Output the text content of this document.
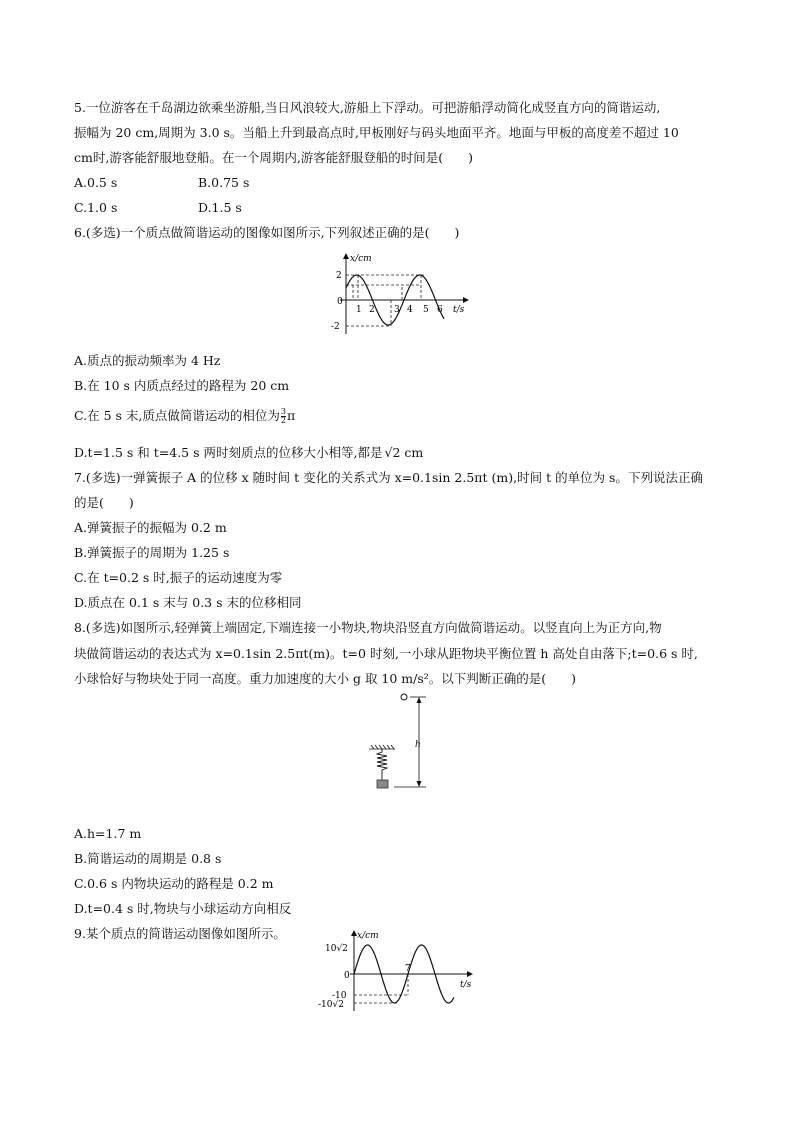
5.一位游客在千岛湖边欲乘坐游船,当日风浪较大,游船上下浮动。可把游船浮动简化成竖直方向的简谐运动,
振幅为 20 cm,周期为 3.0 s。当船上升到最高点时,甲板刚好与码头地面平齐。地面与甲板的高度差不超过 10
cm时,游客能舒服地登船。在一个周期内,游客能舒服登船的时间是(　　)
A.0.5 s	B.0.75 s
C.1.0 s	D.1.5 s
6.(多选)一个质点做简谐运动的图像如图所示,下列叙述正确的是(　　)
x/cm
t/s
2
0
-2
1 2 3 4 5 6
A.质点的振动频率为 4 Hz
B.在 10 s 内质点经过的路程为 20 cm
C.在 5 s 末,质点做简谐运动的相位为 $\frac{3}{2}$ π
D.t=1.5 s 和 t=4.5 s 两时刻质点的位移大小相等,都是 √2 cm
7.(多选)一弹簧振子 A 的位移 x 随时间 t 变化的关系式为 x=0.1sin 2.5πt (m),时间 t 的单位为 s。下列说法正确
的是(　　)
A.弹簧振子的振幅为 0.2 m
B.弹簧振子的周期为 1.25 s
C.在 t=0.2 s 时,振子的运动速度为零
D.质点在 0.1 s 末与 0.3 s 末的位移相同
8.(多选)如图所示,轻弹簧上端固定,下端连接一小物块,物块沿竖直方向做简谐运动。以竖直向上为正方向,物
块做简谐运动的表达式为 x=0.1sin 2.5πt(m)。t=0 时刻,一小球从距物块平衡位置 h 高处自由落下;t=0.6 s 时,
小球恰好与物块处于同一高度。重力加速度的大小 g 取 10 m/s²。以下判断正确的是(　　)
h
A.h=1.7 m
B.简谐运动的周期是 0.8 s
C.0.6 s 内物块运动的路程是 0.2 m
D.t=0.4 s 时,物块与小球运动方向相反
9.某个质点的简谐运动图像如图所示。	x/cm
t/s
10√2
0
-10
-10√2
7
